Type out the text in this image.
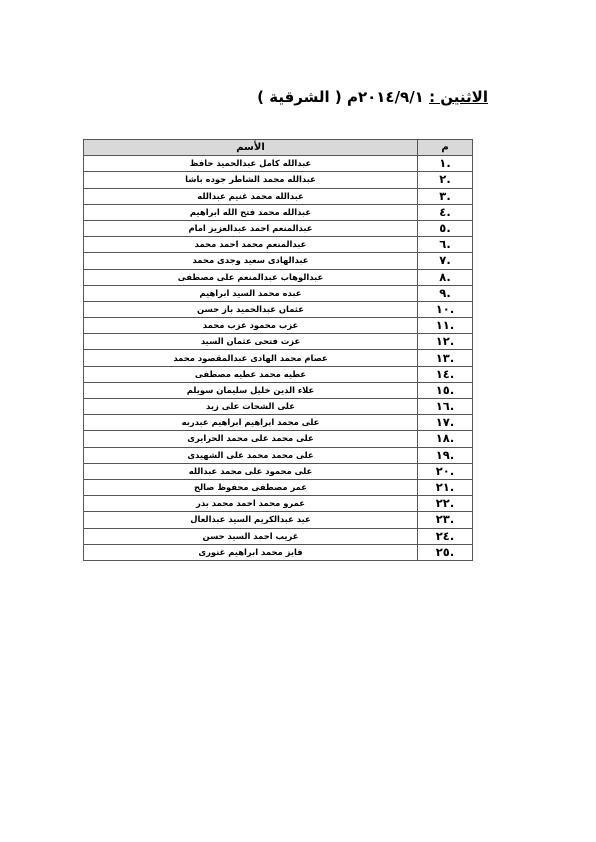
الاثنين : ٢٠١٤/٩/١م ( الشرقية )
م	الأسم
.١	عبدالله كامل عبدالحميد حافظ
.٢	عبدالله محمد الشاطر جوده باشا
.٣	عبدالله محمد غنيم عبدالله
.٤	عبدالله محمد فتح الله ابراهيم
.٥	عبدالمنعم احمد عبدالعزيز امام
.٦	عبدالمنعم محمد احمد محمد
.٧	عبدالهادى سعيد وجدى محمد
.٨	عبدالوهاب عبدالمنعم على مصطفى
.٩	عبده محمد السيد ابراهيم
.١٠	عثمان عبدالحميد باز حسن
.١١	عزب محمود عزب محمد
.١٢	عزت فتحى عثمان السيد
.١٣	عصام محمد الهادى عبدالمقصود محمد
.١٤	عطيه محمد عطيه مصطفى
.١٥	علاء الدين خليل سليمان سويلم
.١٦	على الشحات على زيد
.١٧	على محمد ابراهيم ابراهيم عبدربه
.١٨	على محمد على محمد الحرايرى
.١٩	على محمد محمد على الشهيدى
.٢٠	على محمود على محمد عبدالله
.٢١	عمر مصطفى محفوظ صالح
.٢٢	عمرو محمد احمد محمد بدر
.٢٣	عيد عبدالكريم السيد عبدالعال
.٢٤	غريب احمد السيد حسن
.٢٥	فايز محمد ابراهيم غنورى
